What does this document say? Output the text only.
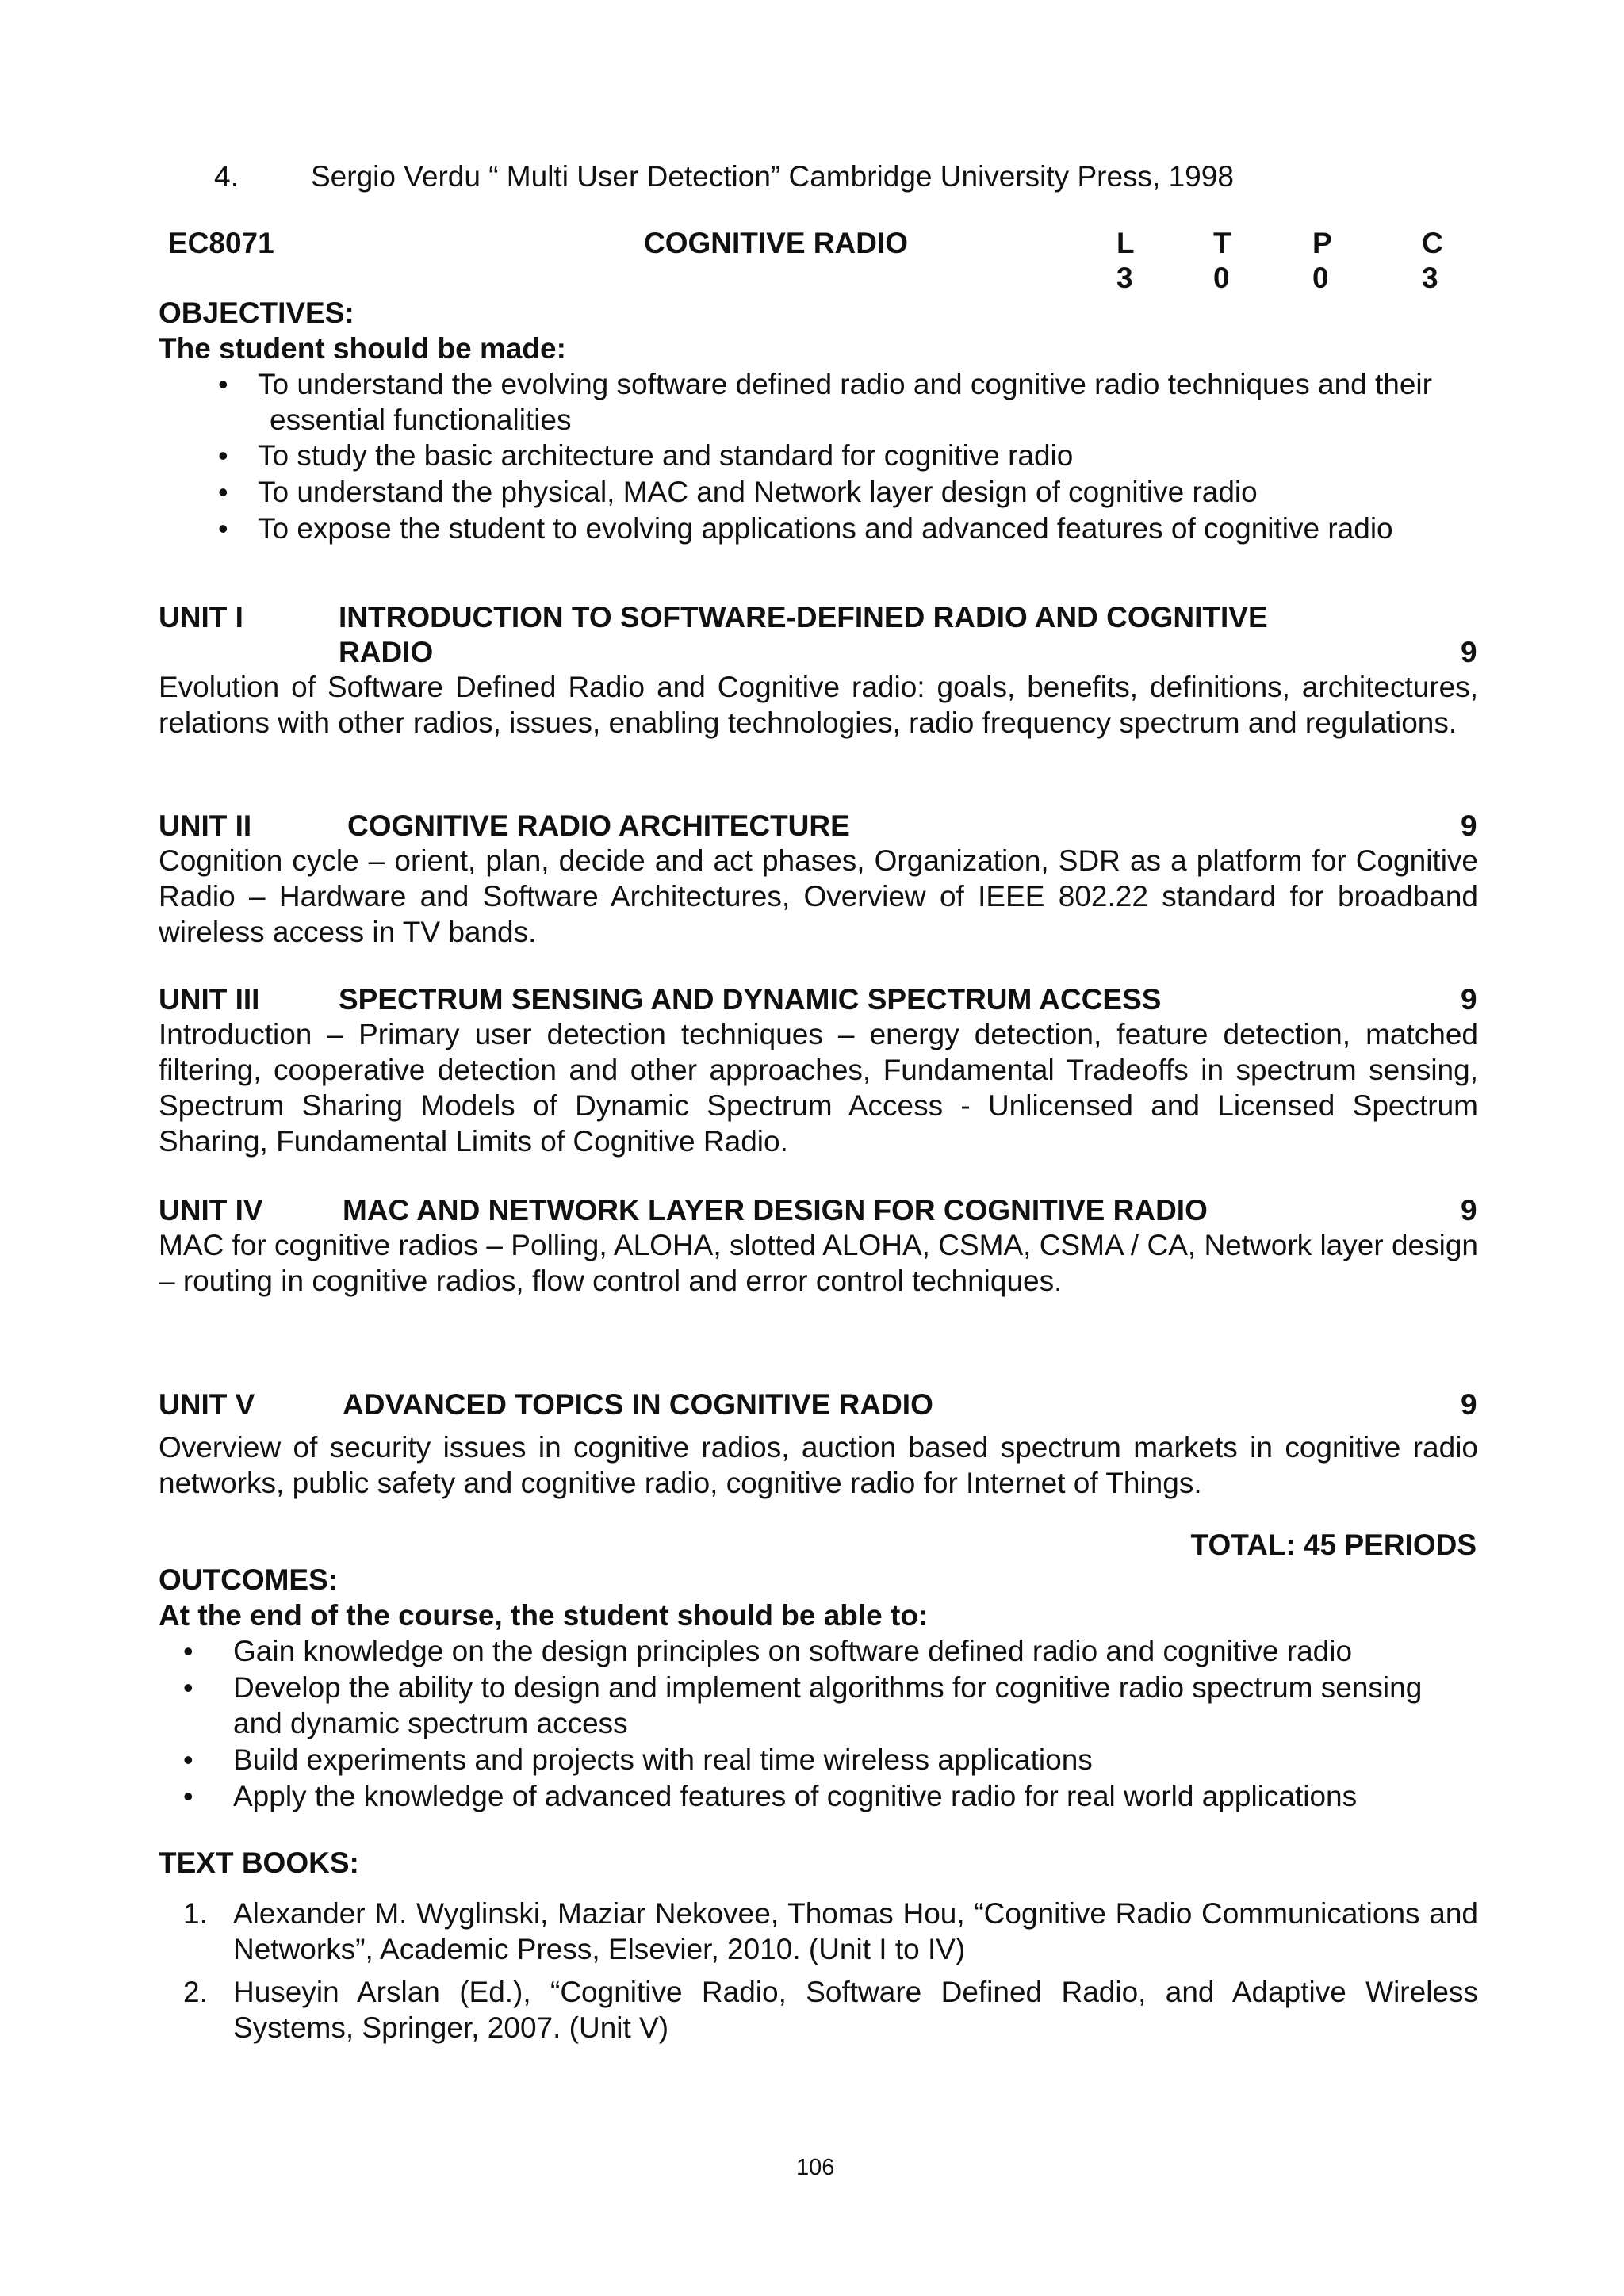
4. Sergio Verdu “ Multi User Detection” Cambridge University Press, 1998
EC8071	COGNITIVE RADIO	L	T	P	C
3	0	0	3
OBJECTIVES:
The student should be made:
• To understand the evolving software defined radio and cognitive radio techniques and their
essential functionalities
• To study the basic architecture and standard for cognitive radio
• To understand the physical, MAC and Network layer design of cognitive radio
• To expose the student to evolving applications and advanced features of cognitive radio
UNIT I	INTRODUCTION TO SOFTWARE-DEFINED RADIO AND COGNITIVE
RADIO	9
Evolution of Software Defined Radio and Cognitive radio: goals, benefits, definitions, architectures, relations with other radios, issues, enabling technologies, radio frequency spectrum and regulations.
UNIT II	COGNITIVE RADIO ARCHITECTURE	9
Cognition cycle – orient, plan, decide and act phases, Organization, SDR as a platform for Cognitive Radio – Hardware and Software Architectures, Overview of IEEE 802.22 standard for broadband wireless access in TV bands.
UNIT III	SPECTRUM SENSING AND DYNAMIC SPECTRUM ACCESS	9
Introduction – Primary user detection techniques – energy detection, feature detection, matched filtering, cooperative detection and other approaches, Fundamental Tradeoffs in spectrum sensing, Spectrum Sharing Models of Dynamic Spectrum Access - Unlicensed and Licensed Spectrum Sharing, Fundamental Limits of Cognitive Radio.
UNIT IV	MAC AND NETWORK LAYER DESIGN FOR COGNITIVE RADIO	9
MAC for cognitive radios – Polling, ALOHA, slotted ALOHA, CSMA, CSMA / CA, Network layer design – routing in cognitive radios, flow control and error control techniques.
UNIT V	ADVANCED TOPICS IN COGNITIVE RADIO	9
Overview of security issues in cognitive radios, auction based spectrum markets in cognitive radio networks, public safety and cognitive radio, cognitive radio for Internet of Things.
TOTAL: 45 PERIODS
OUTCOMES:
At the end of the course, the student should be able to:
• Gain knowledge on the design principles on software defined radio and cognitive radio
• Develop the ability to design and implement algorithms for cognitive radio spectrum sensing
and dynamic spectrum access
• Build experiments and projects with real time wireless applications
• Apply the knowledge of advanced features of cognitive radio for real world applications
TEXT BOOKS:
1. Alexander M. Wyglinski, Maziar Nekovee, Thomas Hou, “Cognitive Radio Communications and Networks”, Academic Press, Elsevier, 2010. (Unit I to IV)
2. Huseyin Arslan (Ed.), “Cognitive Radio, Software Defined Radio, and Adaptive Wireless Systems, Springer, 2007. (Unit V)
106
